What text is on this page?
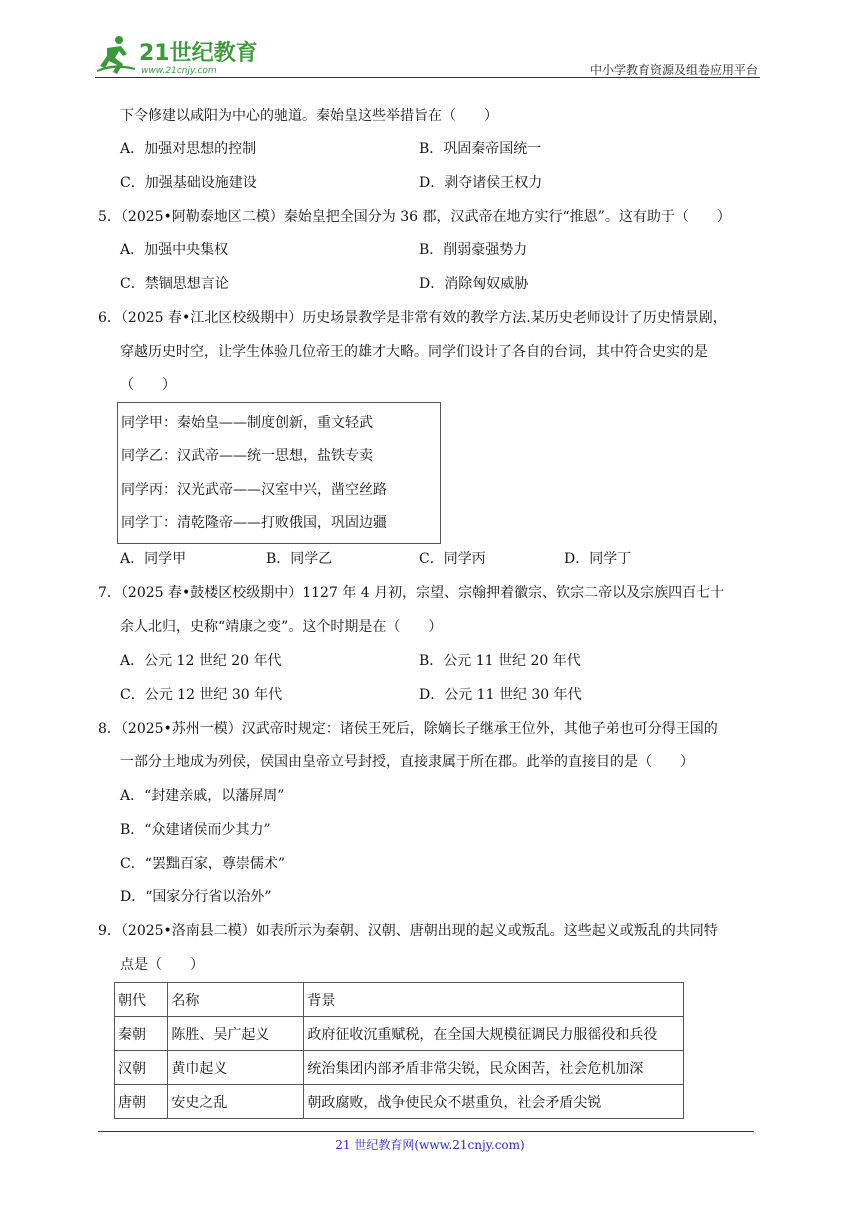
21世纪教育
www.21cnjy.com	中小学教育资源及组卷应用平台
下令修建以咸阳为中心的驰道。秦始皇这些举措旨在（　　）
A．加强对思想的控制	B．巩固秦帝国统一
C．加强基础设施建设	D．剥夺诸侯王权力
5．（2025•阿勒泰地区二模）秦始皇把全国分为 36 郡，汉武帝在地方实行“推恩”。这有助于（　　）
A．加强中央集权	B．削弱豪强势力
C．禁锢思想言论	D．消除匈奴威胁
6．（2025 春•江北区校级期中）历史场景教学是非常有效的教学方法.某历史老师设计了历史情景剧，
穿越历史时空，让学生体验几位帝王的雄才大略。同学们设计了各自的台词，其中符合史实的是
（　　）
同学甲：秦始皇——制度创新，重文轻武
同学乙：汉武帝——统一思想，盐铁专卖
同学丙：汉光武帝——汉室中兴，凿空丝路
同学丁：清乾隆帝——打败俄国，巩固边疆
A．同学甲	B．同学乙	C．同学丙	D．同学丁
7．（2025 春•鼓楼区校级期中）1127 年 4 月初，宗望、宗翰押着徽宗、钦宗二帝以及宗族四百七十
余人北归，史称“靖康之变”。这个时期是在（　　）
A．公元 12 世纪 20 年代	B．公元 11 世纪 20 年代
C．公元 12 世纪 30 年代	D．公元 11 世纪 30 年代
8．（2025•苏州一模）汉武帝时规定：诸侯王死后，除嫡长子继承王位外，其他子弟也可分得王国的
一部分土地成为列侯，侯国由皇帝立号封授，直接隶属于所在郡。此举的直接目的是（　　）
A．“封建亲戚，以藩屏周”
B．“众建诸侯而少其力”
C．“罢黜百家，尊崇儒术”
D．“国家分行省以治外”
9．（2025•洛南县二模）如表所示为秦朝、汉朝、唐朝出现的起义或叛乱。这些起义或叛乱的共同特
点是（　　）
朝代	名称	背景
秦朝	陈胜、吴广起义	政府征收沉重赋税，在全国大规模征调民力服徭役和兵役
汉朝	黄巾起义	统治集团内部矛盾非常尖锐，民众困苦，社会危机加深
唐朝	安史之乱	朝政腐败，战争使民众不堪重负，社会矛盾尖锐
21 世纪教育网(www.21cnjy.com)
